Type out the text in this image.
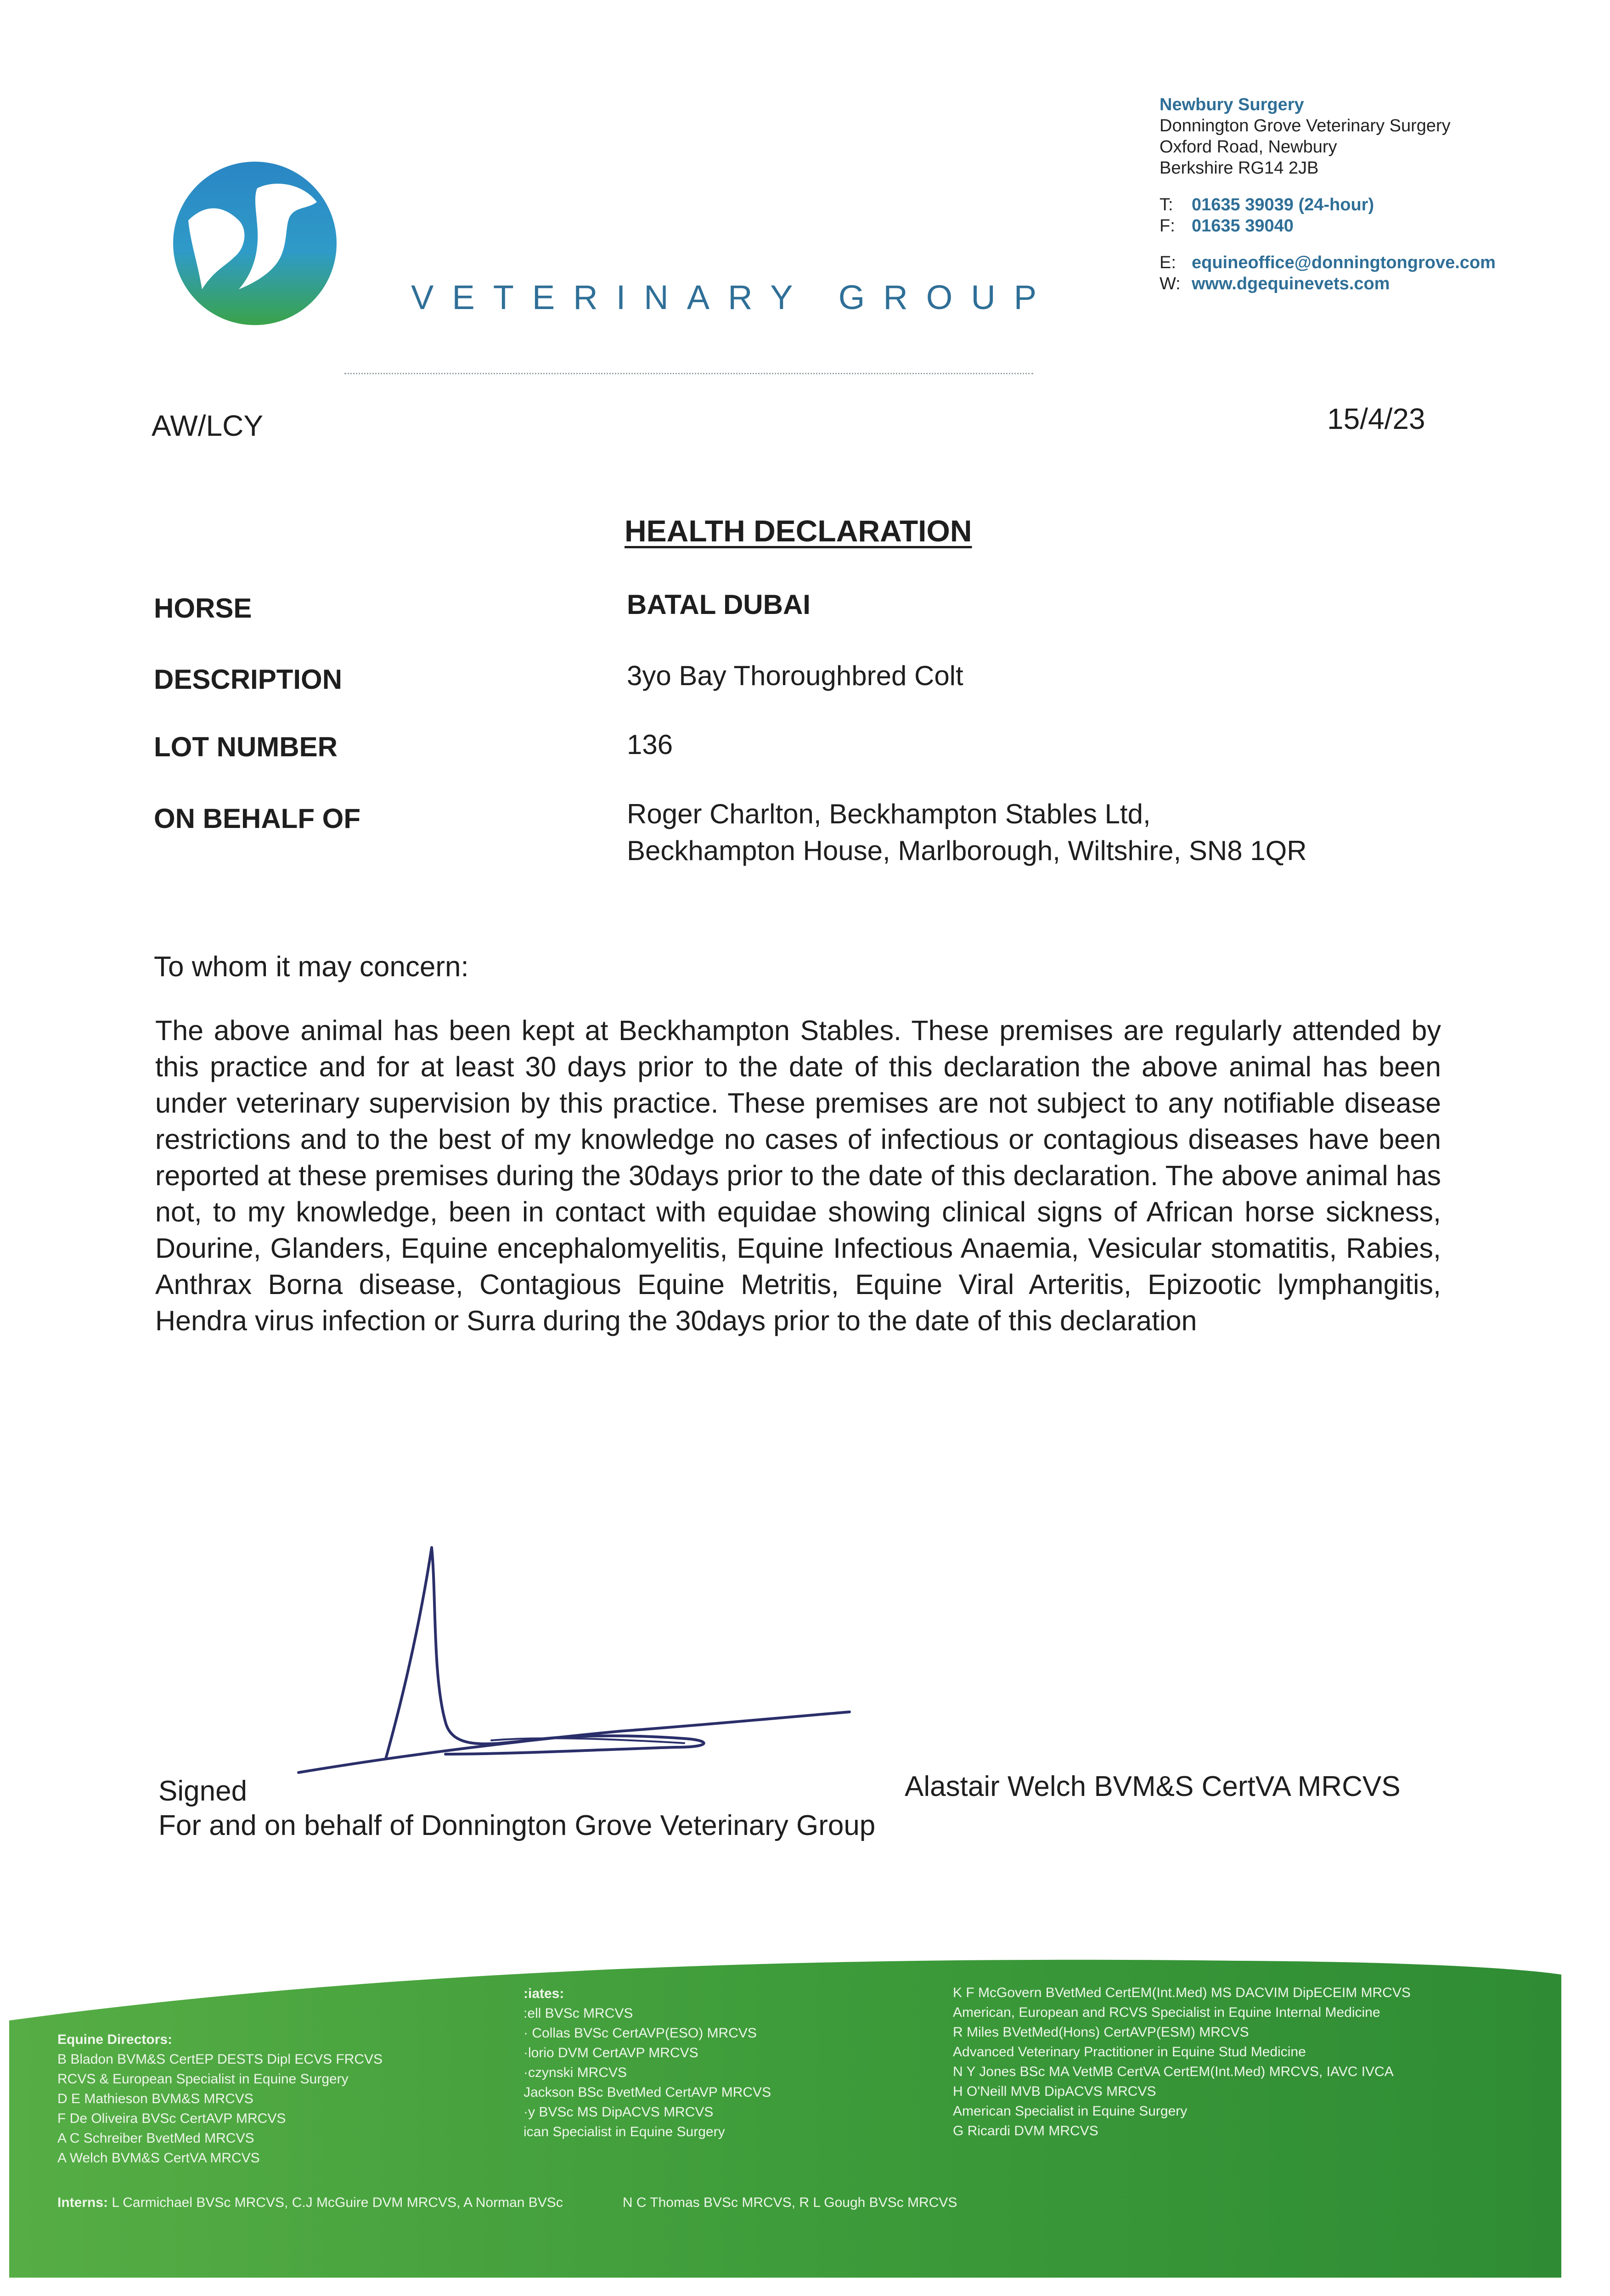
VETERINARY GROUP
Newbury Surgery
Donnington Grove Veterinary Surgery
Oxford Road, Newbury
Berkshire RG14 2JB
T: 01635 39039 (24-hour)
F: 01635 39040
E: equineoffice@donningtongrove.com
W: www.dgequinevets.com
AW/LCY	15/4/23
HEALTH DECLARATION
HORSE	BATAL DUBAI
DESCRIPTION	3yo Bay Thoroughbred Colt
LOT NUMBER	136
ON BEHALF OF	Roger Charlton, Beckhampton Stables Ltd,
Beckhampton House, Marlborough, Wiltshire, SN8 1QR
To whom it may concern:
The above animal has been kept at Beckhampton Stables. These premises are regularly attended by this practice and for at least 30 days prior to the date of this declaration the above animal has been under veterinary supervision by this practice. These premises are not subject to any notifiable disease restrictions and to the best of my knowledge no cases of infectious or contagious diseases have been reported at these premises during the 30days prior to the date of this declaration. The above animal has not, to my knowledge, been in contact with equidae showing clinical signs of African horse sickness, Dourine, Glanders, Equine encephalomyelitis, Equine Infectious Anaemia, Vesicular stomatitis, Rabies, Anthrax Borna disease, Contagious Equine Metritis, Equine Viral Arteritis, Epizootic lymphangitis, Hendra virus infection or Surra during the 30days prior to the date of this declaration
Signed	Alastair Welch BVM&S CertVA MRCVS
For and on behalf of Donnington Grove Veterinary Group
Equine Directors:
B Bladon BVM&S CertEP DESTS Dipl ECVS FRCVS
RCVS & European Specialist in Equine Surgery
D E Mathieson BVM&S MRCVS
F De Oliveira BVSc CertAVP MRCVS
A C Schreiber BvetMed MRCVS
A Welch BVM&S CertVA MRCVS
:iates:
:ell BVSc MRCVS
· Collas BVSc CertAVP(ESO) MRCVS
·lorio DVM CertAVP MRCVS
·czynski MRCVS
Jackson BSc BvetMed CertAVP MRCVS
·y BVSc MS DipACVS MRCVS
ican Specialist in Equine Surgery
K F McGovern BVetMed CertEM(Int.Med) MS DACVIM DipECEIM MRCVS
American, European and RCVS Specialist in Equine Internal Medicine
R Miles BVetMed(Hons) CertAVP(ESM) MRCVS
Advanced Veterinary Practitioner in Equine Stud Medicine
N Y Jones BSc MA VetMB CertVA CertEM(Int.Med) MRCVS, IAVC IVCA
H O'Neill MVB DipACVS MRCVS
American Specialist in Equine Surgery
G Ricardi DVM MRCVS
Interns: L Carmichael BVSc MRCVS, C.J McGuire DVM MRCVS, A Norman BVSc	N C Thomas BVSc MRCVS, R L Gough BVSc MRCVS
